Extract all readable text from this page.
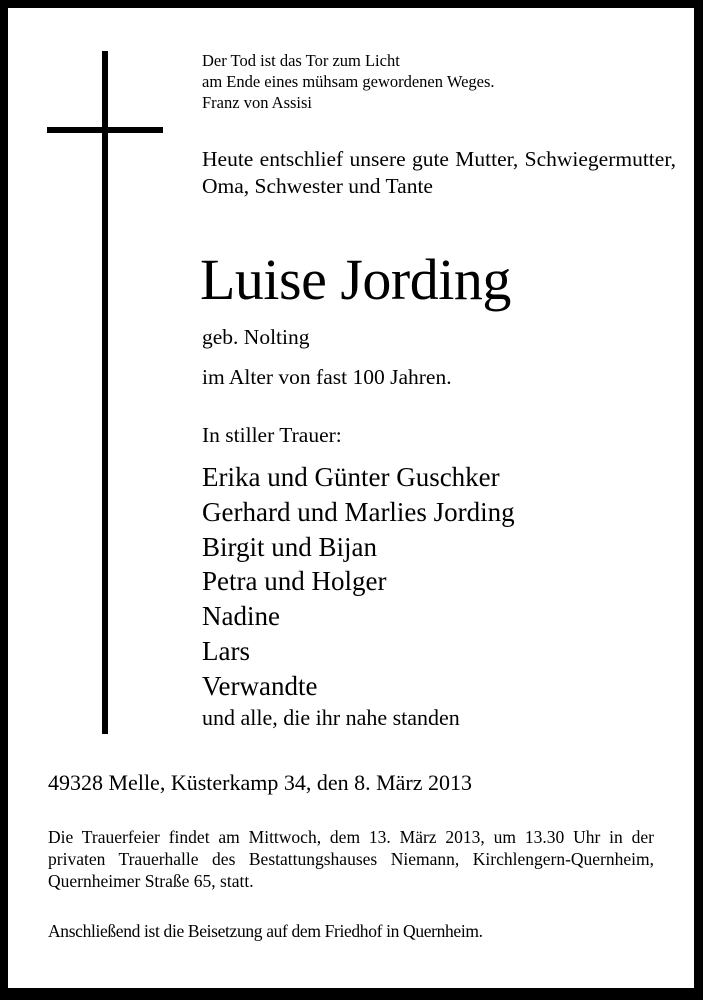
Der Tod ist das Tor zum Licht
am Ende eines mühsam gewordenen Weges.
Franz von Assisi

Heute entschlief unsere gute Mutter, Schwiegermutter, Oma, Schwester und Tante

Luise Jording
geb. Nolting
im Alter von fast 100 Jahren.
In stiller Trauer:
Erika und Günter Guschker
Gerhard und Marlies Jording
Birgit und Bijan
Petra und Holger
Nadine
Lars
Verwandte
und alle, die ihr nahe standen
49328 Melle, Küsterkamp 34, den 8. März 2013

Die Trauerfeier findet am Mittwoch, dem 13. März 2013, um 13.30 Uhr in der privaten Trauerhalle des Bestattungshauses Niemann, Kirchlengern-Quernheim, Quernheimer Straße 65, statt.

Anschließend ist die Beisetzung auf dem Friedhof in Quernheim.
